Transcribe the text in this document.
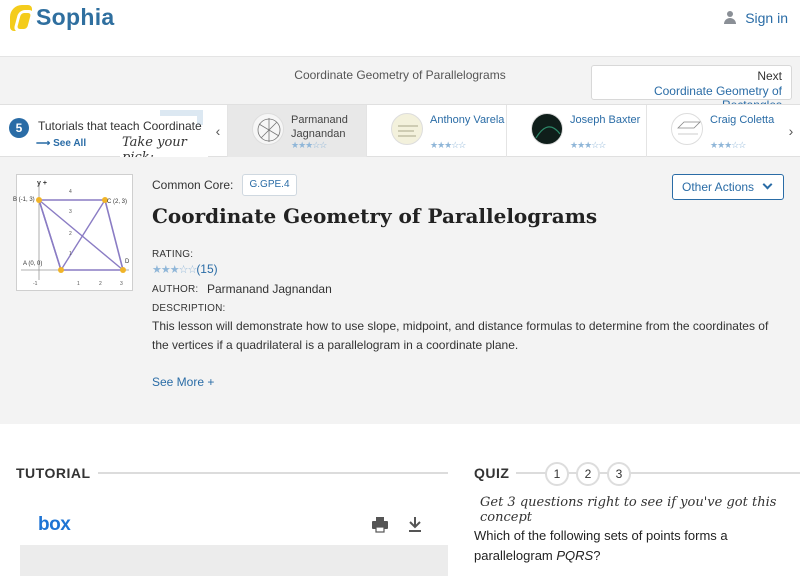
Sophia	Sign in
Coordinate Geometry of Parallelograms	Next
Coordinate Geometry of
5	Tutorials that teach Coordinate
⟶ See All	Take your
‹
Parmanand Jagnandan
★★★☆☆
Anthony Varela
★★★☆☆
Joseph Baxter
★★★☆☆
Craig Coletta
★★★☆☆
›
y +
B (-1, 3)	C (2, 3)
A (0, 0)	D
4
3
2
1
-1	1	2	3
Common Core:	G.GPE.4	Other Actions
Coordinate Geometry of Parallelograms
RATING:
★★★☆☆(15)
AUTHOR: Parmanand Jagnandan
DESCRIPTION:

This lesson will demonstrate how to use slope, midpoint, and distance formulas to determine from the coordinates of the vertices if a quadrilateral is a parallelogram in a coordinate plane.

See More +
TUTORIAL
box
QUIZ	1	2	3
Get 3 questions right to see if you've got this concept

Which of the following sets of points forms a parallelogram PQRS?
